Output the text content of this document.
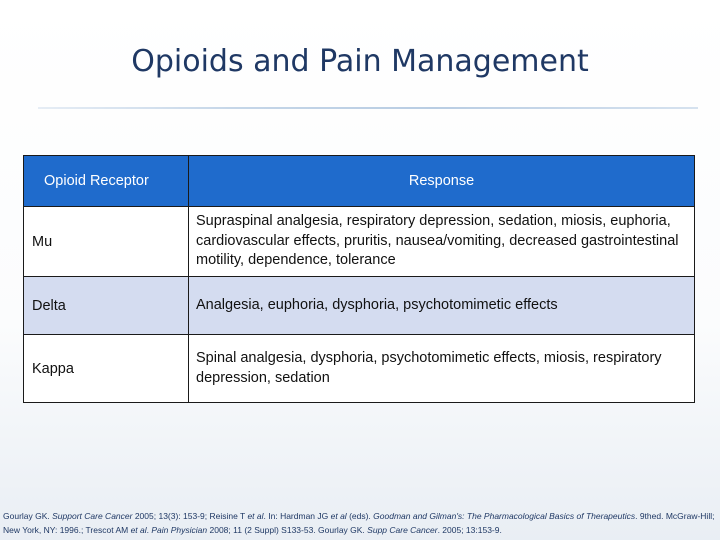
Opioids and Pain Management
Opioid Receptor	Response
Mu	Supraspinal analgesia, respiratory depression, sedation, miosis, euphoria, cardiovascular effects, pruritis, nausea/vomiting, decreased gastrointestinal motility, dependence, tolerance
Delta	Analgesia, euphoria, dysphoria, psychotomimetic effects
Kappa	Spinal analgesia, dysphoria, psychotomimetic effects, miosis, respiratory depression, sedation
Gourlay GK. Support Care Cancer 2005; 13(3): 153-9; Reisine T et al. In: Hardman JG et al (eds). Goodman and Gilman's: The Pharmacological Basics of Therapeutics. 9thed. McGraw-Hill; New York, NY: 1996.; Trescot AM et al. Pain Physician 2008; 11 (2 Suppl) S133-53. Gourlay GK. Supp Care Cancer. 2005; 13:153-9.
